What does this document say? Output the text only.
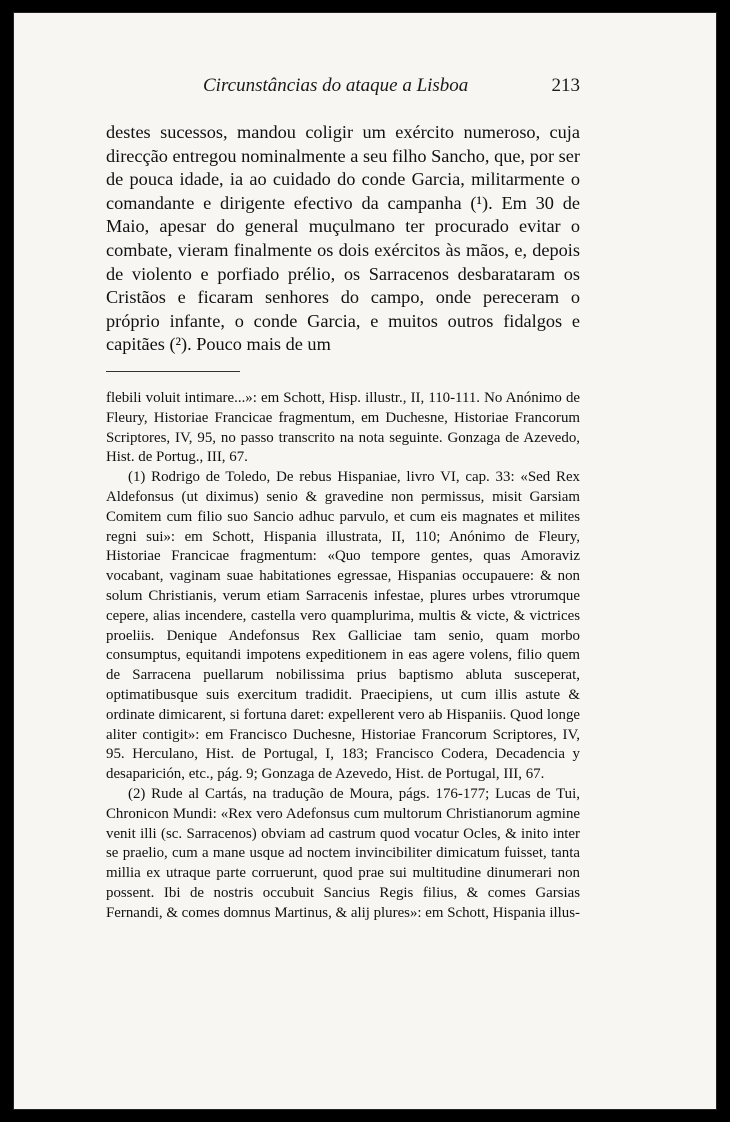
Circunstâncias do ataque a Lisboa	213

destes sucessos, mandou coligir um exército numeroso, cuja direcção entregou nominalmente a seu filho Sancho, que, por ser de pouca idade, ia ao cuidado do conde Garcia, militarmente o comandante e dirigente efectivo da campanha (¹). Em 30 de Maio, apesar do general muçulmano ter procurado evitar o combate, vieram finalmente os dois exércitos às mãos, e, depois de violento e porfiado prélio, os Sarracenos desbarataram os Cristãos e ficaram senhores do campo, onde pereceram o próprio infante, o conde Garcia, e muitos outros fidalgos e capitães (²). Pouco mais de um

flebili voluit intimare...»: em Schott, Hisp. illustr., II, 110-111. No Anónimo de Fleury, Historiae Francicae fragmentum, em Duchesne, Historiae Francorum Scriptores, IV, 95, no passo transcrito na nota seguinte. Gonzaga de Azevedo, Hist. de Portug., III, 67.

(1) Rodrigo de Toledo, De rebus Hispaniae, livro VI, cap. 33: «Sed Rex Aldefonsus (ut diximus) senio & gravedine non permissus, misit Garsiam Comitem cum filio suo Sancio adhuc parvulo, et cum eis magnates et milites regni sui»: em Schott, Hispania illustrata, II, 110; Anónimo de Fleury, Historiae Francicae fragmentum: «Quo tempore gentes, quas Amoraviz vocabant, vaginam suae habitationes egressae, Hispanias occupauere: & non solum Christianis, verum etiam Sarracenis infestae, plures urbes vtrorumque cepere, alias incendere, castella vero quamplurima, multis & victe, & victrices proeliis. Denique Andefonsus Rex Galliciae tam senio, quam morbo consumptus, equitandi impotens expeditionem in eas agere volens, filio quem de Sarracena puellarum nobilissima prius baptismo abluta susceperat, optimatibusque suis exercitum tradidit. Praecipiens, ut cum illis astute & ordinate dimicarent, si fortuna daret: expellerent vero ab Hispaniis. Quod longe aliter contigit»: em Francisco Duchesne, Historiae Francorum Scriptores, IV, 95. Herculano, Hist. de Portugal, I, 183; Francisco Codera, Decadencia y desaparición, etc., pág. 9; Gonzaga de Azevedo, Hist. de Portugal, III, 67.

(2) Rude al Cartás, na tradução de Moura, págs. 176-177; Lucas de Tui, Chronicon Mundi: «Rex vero Adefonsus cum multorum Christianorum agmine venit illi (sc. Sarracenos) obviam ad castrum quod vocatur Ocles, & inito inter se praelio, cum a mane usque ad noctem invincibiliter dimicatum fuisset, tanta millia ex utraque parte corruerunt, quod prae sui multitudine dinumerari non possent. Ibi de nostris occubuit Sancius Regis filius, & comes Garsias Fernandi, & comes domnus Martinus, & alij plures»: em Schott, Hispania illus-
